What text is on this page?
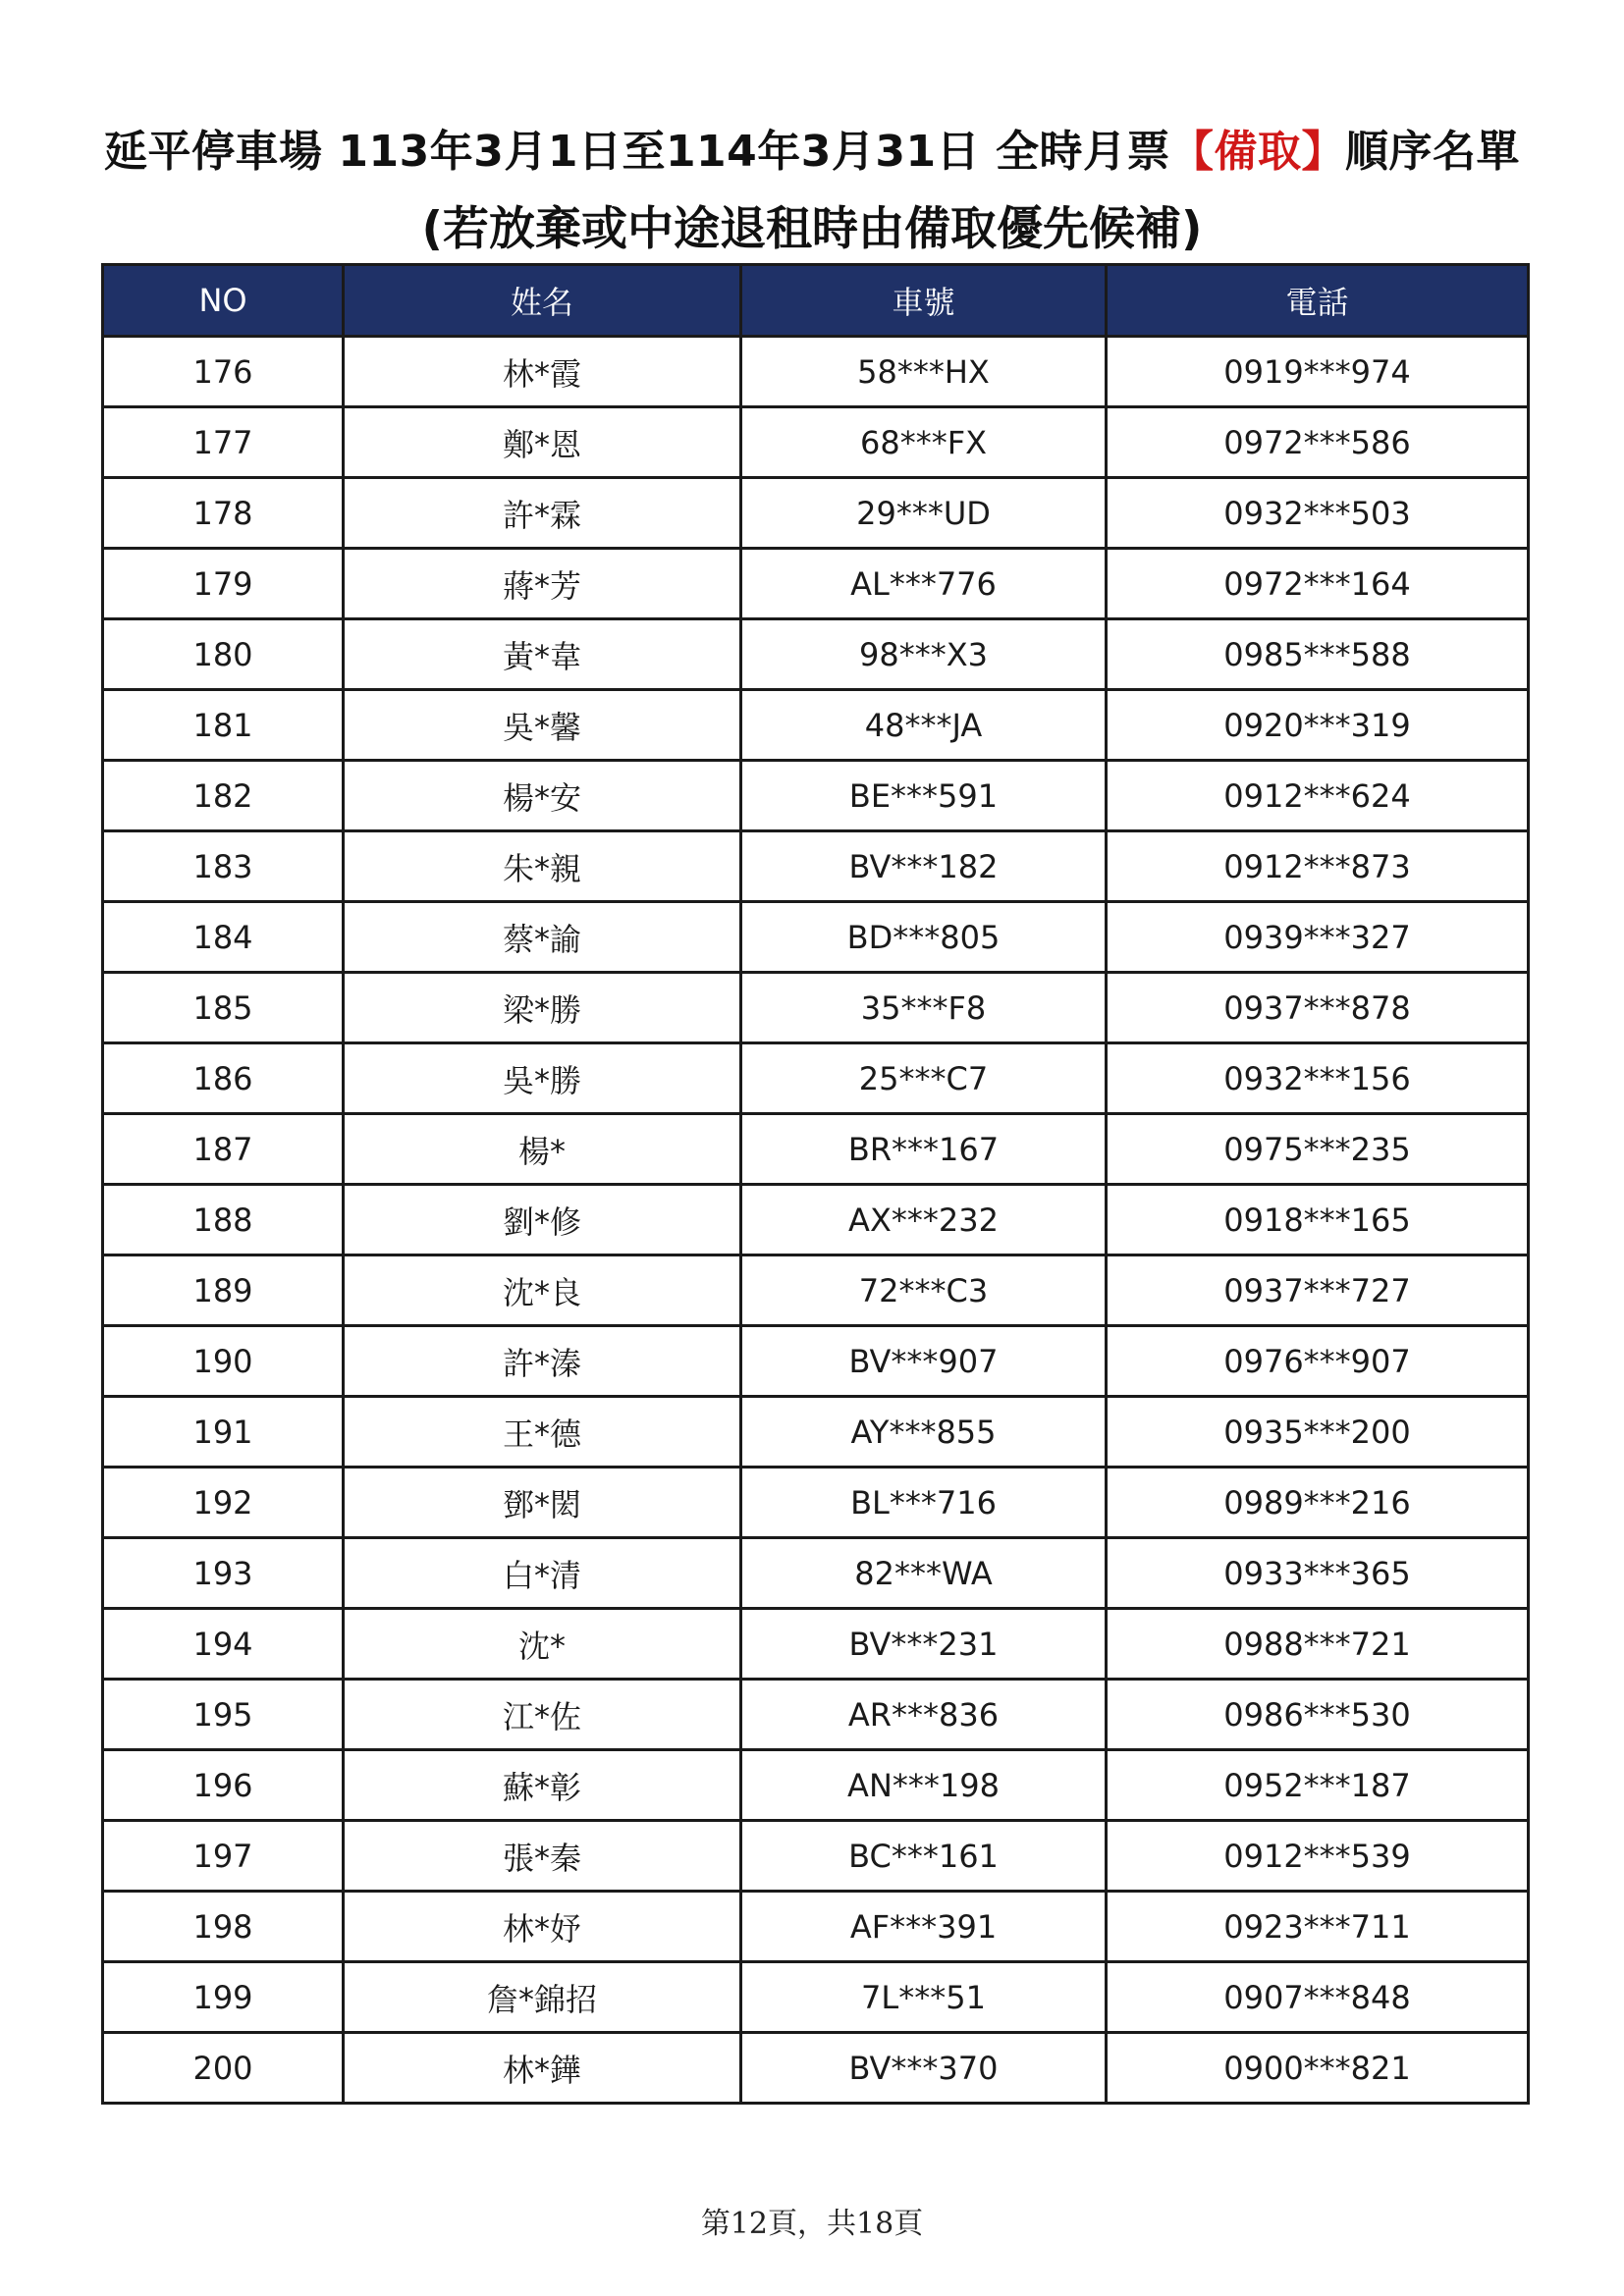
延平停車場 113年3月1日至114年3月31日 全時月票【備取】順序名單
(若放棄或中途退租時由備取優先候補)
NO	姓名	車號	電話
176	林*霞	58***HX	0919***974
177	鄭*恩	68***FX	0972***586
178	許*霖	29***UD	0932***503
179	蔣*芳	AL***776	0972***164
180	黃*韋	98***X3	0985***588
181	吳*馨	48***JA	0920***319
182	楊*安	BE***591	0912***624
183	朱*親	BV***182	0912***873
184	蔡*諭	BD***805	0939***327
185	梁*勝	35***F8	0937***878
186	吳*勝	25***C7	0932***156
187	楊*	BR***167	0975***235
188	劉*修	AX***232	0918***165
189	沈*良	72***C3	0937***727
190	許*溱	BV***907	0976***907
191	王*德	AY***855	0935***200
192	鄧*閎	BL***716	0989***216
193	白*清	82***WA	0933***365
194	沈*	BV***231	0988***721
195	江*佐	AR***836	0986***530
196	蘇*彰	AN***198	0952***187
197	張*秦	BC***161	0912***539
198	林*妤	AF***391	0923***711
199	詹*錦招	7L***51	0907***848
200	林*鏵	BV***370	0900***821
第12頁，共18頁
